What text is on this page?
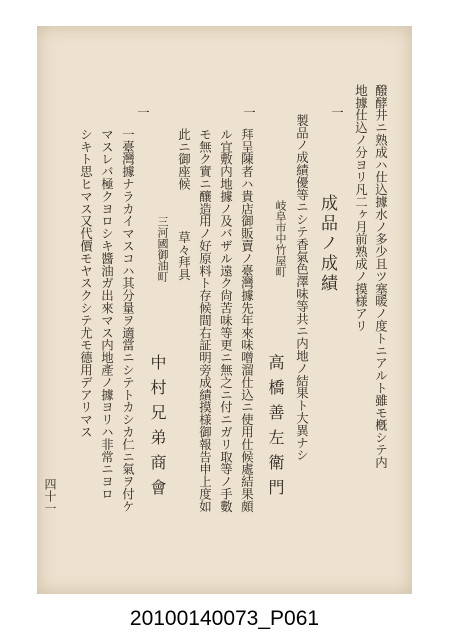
醱酵井ニ熟成ハ仕込據水ノ多少且ツ塞暖ノ度トニアルト雖モ槪シテ内
地據仕込ノ分ヨリ凡二ヶ月前熟成ノ摸様アリ
一
成品ノ成績
製品ノ成績優等ニシテ香氣色澤味等共ニ内地ノ結果ト大異ナシ
岐阜市中竹屋町
高橋善左衛門
一
拜呈陳者ハ貴店御販賣ノ臺灣據先年來味噌溜仕込ニ使用仕候處結果頗
ル宜敷内地據ノ及バザル遠ク尙苦味等更ニ無之ニ付ニガリ取等ノ手數
モ無ク實ニ釀造用ノ好原料ト存候間右証明旁成績摸様御報告申上度如
此ニ御座候
草々拜具
三河國御油町
中村兄弟商會
一
一臺灣據ナラカイマスコハ其分量ヲ適當ニシテトカシカ仁ニ氣ヲ付ケ
マスレバ極クヨロシキ醬油ガ出來マス内地產ノ據ヨリハ非常ニヨロ
シキト思ヒマス又代價モヤスクシテ尤モ德用デアリマス
四十一
20100140073_P061
